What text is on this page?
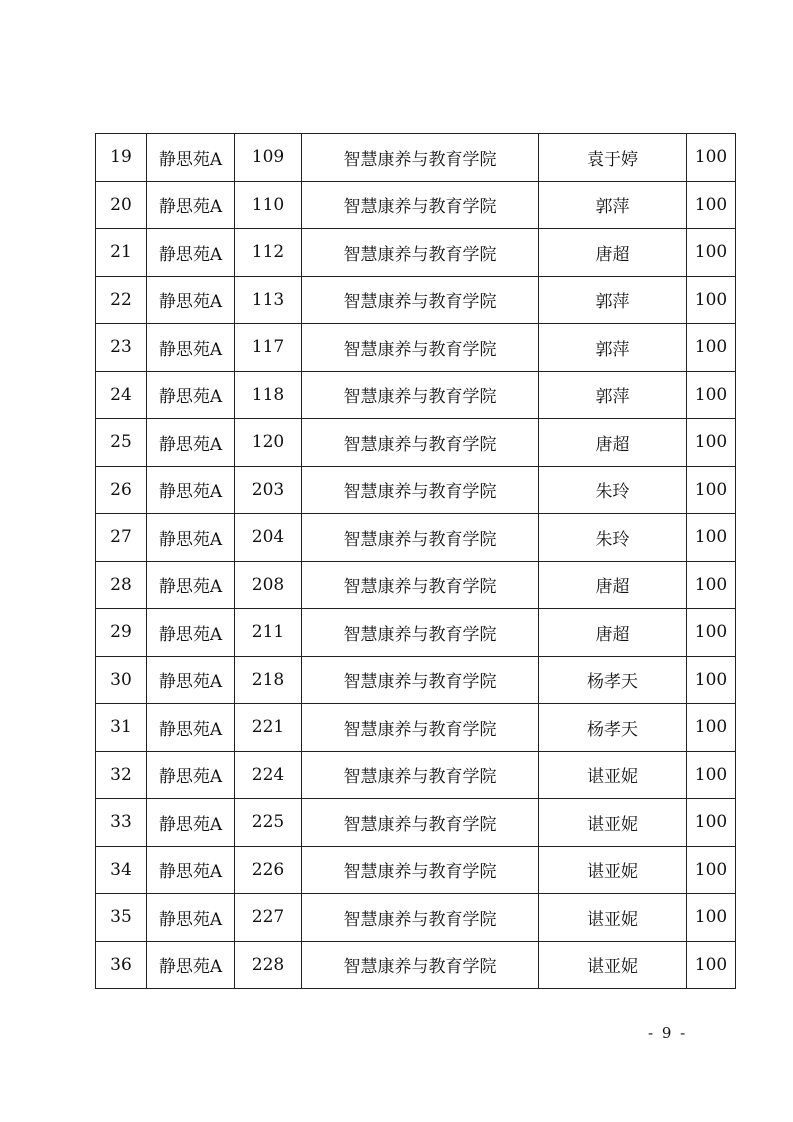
19	静思苑A	109	智慧康养与教育学院	袁于婷	100
20	静思苑A	110	智慧康养与教育学院	郭萍	100
21	静思苑A	112	智慧康养与教育学院	唐超	100
22	静思苑A	113	智慧康养与教育学院	郭萍	100
23	静思苑A	117	智慧康养与教育学院	郭萍	100
24	静思苑A	118	智慧康养与教育学院	郭萍	100
25	静思苑A	120	智慧康养与教育学院	唐超	100
26	静思苑A	203	智慧康养与教育学院	朱玲	100
27	静思苑A	204	智慧康养与教育学院	朱玲	100
28	静思苑A	208	智慧康养与教育学院	唐超	100
29	静思苑A	211	智慧康养与教育学院	唐超	100
30	静思苑A	218	智慧康养与教育学院	杨孝天	100
31	静思苑A	221	智慧康养与教育学院	杨孝天	100
32	静思苑A	224	智慧康养与教育学院	谌亚妮	100
33	静思苑A	225	智慧康养与教育学院	谌亚妮	100
34	静思苑A	226	智慧康养与教育学院	谌亚妮	100
35	静思苑A	227	智慧康养与教育学院	谌亚妮	100
36	静思苑A	228	智慧康养与教育学院	谌亚妮	100
- 9 -
